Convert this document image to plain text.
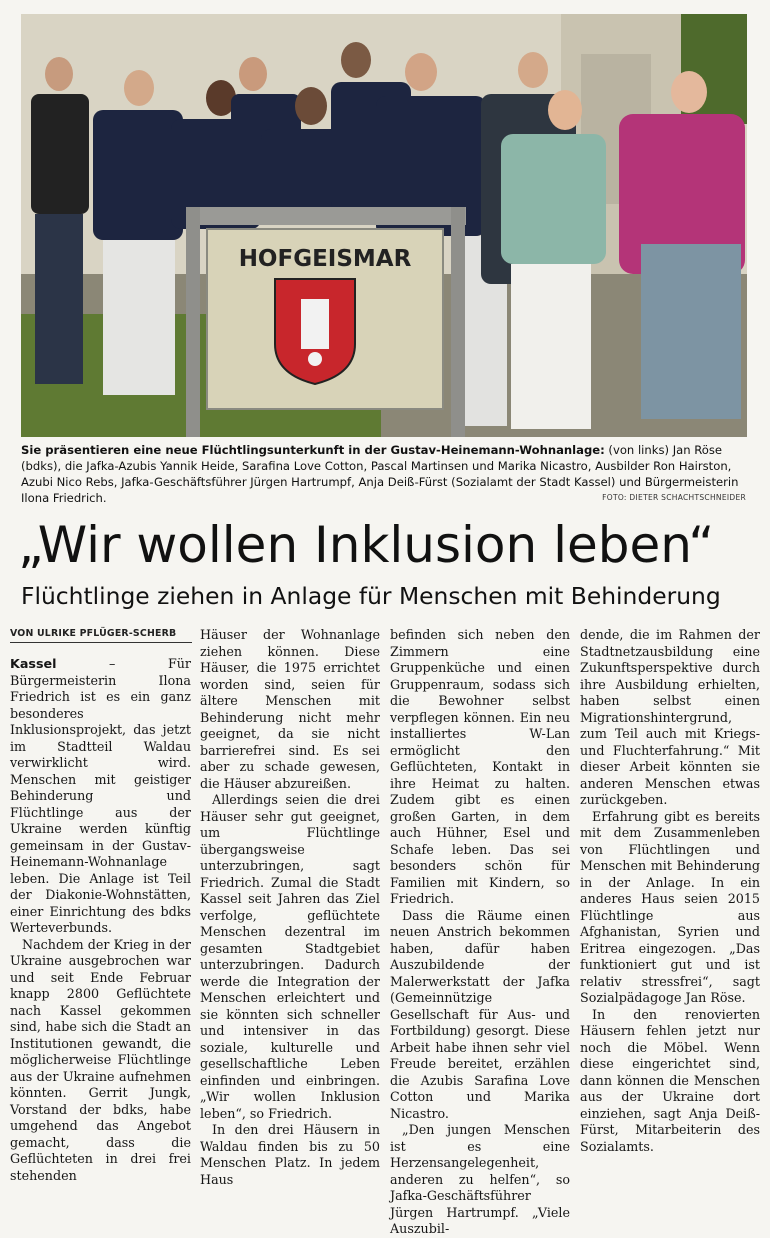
HOFGEISMAR
Sie präsentieren eine neue Flüchtlingsunterkunft in der Gustav-Heinemann-Wohnanlage: (von links) Jan Röse (bdks), die Jafka-Azubis Yannik Heide, Sarafina Love Cotton, Pascal Martinsen und Marika Nicastro, Ausbilder Ron Hairston, Azubi Nico Rebs, Jafka-Geschäftsführer Jürgen Hartrumpf, Anja Deiß-Fürst (Sozialamt der Stadt Kassel) und Bürgermeisterin Ilona Friedrich.	FOTO: DIETER SCHACHTSCHNEIDER
„Wir wollen Inklusion leben“
Flüchtlinge ziehen in Anlage für Menschen mit Behinderung
VON ULRIKE PFLÜGER-SCHERB

Kassel – Für Bürgermeisterin Ilona Friedrich ist es ein ganz besonderes Inklusionsprojekt, das jetzt im Stadtteil Waldau verwirklicht wird. Menschen mit geistiger Behinderung und Flüchtlinge aus der Ukraine werden künftig gemeinsam in der Gustav-Heinemann-Wohnanlage leben. Die Anlage ist Teil der Diakonie-Wohnstätten, einer Einrichtung des bdks Werteverbunds.

Nachdem der Krieg in der Ukraine ausgebrochen war und seit Ende Februar knapp 2800 Geflüchtete nach Kassel gekommen sind, habe sich die Stadt an Institutionen gewandt, die möglicherweise Flüchtlinge aus der Ukraine aufnehmen könnten. Gerrit Jungk, Vorstand der bdks, habe umgehend das Angebot gemacht, dass die Geflüchteten in drei frei stehenden

Häuser der Wohnanlage ziehen können. Diese Häuser, die 1975 errichtet worden sind, seien für ältere Menschen mit Behinderung nicht mehr geeignet, da sie nicht barrierefrei sind. Es sei aber zu schade gewesen, die Häuser abzureißen.

Allerdings seien die drei Häuser sehr gut geeignet, um Flüchtlinge übergangsweise unterzubringen, sagt Friedrich. Zumal die Stadt Kassel seit Jahren das Ziel verfolge, geflüchtete Menschen dezentral im gesamten Stadtgebiet unterzubringen. Dadurch werde die Integration der Menschen erleichtert und sie könnten sich schneller und intensiver in das soziale, kulturelle und gesellschaftliche Leben einfinden und einbringen. „Wir wollen Inklusion leben“, so Friedrich.

In den drei Häusern in Waldau finden bis zu 50 Menschen Platz. In jedem Haus

befinden sich neben den Zimmern eine Gruppenküche und einen Gruppenraum, sodass sich die Bewohner selbst verpflegen können. Ein neu installiertes W-Lan ermöglicht den Geflüchteten, Kontakt in ihre Heimat zu halten. Zudem gibt es einen großen Garten, in dem auch Hühner, Esel und Schafe leben. Das sei besonders schön für Familien mit Kindern, so Friedrich.

Dass die Räume einen neuen Anstrich bekommen haben, dafür haben Auszubildende der Malerwerkstatt der Jafka (Gemeinnützige Gesellschaft für Aus- und Fortbildung) gesorgt. Diese Arbeit habe ihnen sehr viel Freude bereitet, erzählen die Azubis Sarafina Love Cotton und Marika Nicastro.

„Den jungen Menschen ist es eine Herzensangelegenheit, anderen zu helfen“, so Jafka-Geschäftsführer Jürgen Hartrumpf. „Viele Auszubil-

dende, die im Rahmen der Stadtnetzausbildung eine Zukunftsperspektive durch ihre Ausbildung erhielten, haben selbst einen Migrationshintergrund, zum Teil auch mit Kriegs- und Fluchterfahrung.“ Mit dieser Arbeit könnten sie anderen Menschen etwas zurückgeben.

Erfahrung gibt es bereits mit dem Zusammenleben von Flüchtlingen und Menschen mit Behinderung in der Anlage. In ein anderes Haus seien 2015 Flüchtlinge aus Afghanistan, Syrien und Eritrea eingezogen. „Das funktioniert gut und ist relativ stressfrei“, sagt Sozialpädagoge Jan Röse.

In den renovierten Häusern fehlen jetzt nur noch die Möbel. Wenn diese eingerichtet sind, dann können die Menschen aus der Ukraine dort einziehen, sagt Anja Deiß-Fürst, Mitarbeiterin des Sozialamts.
